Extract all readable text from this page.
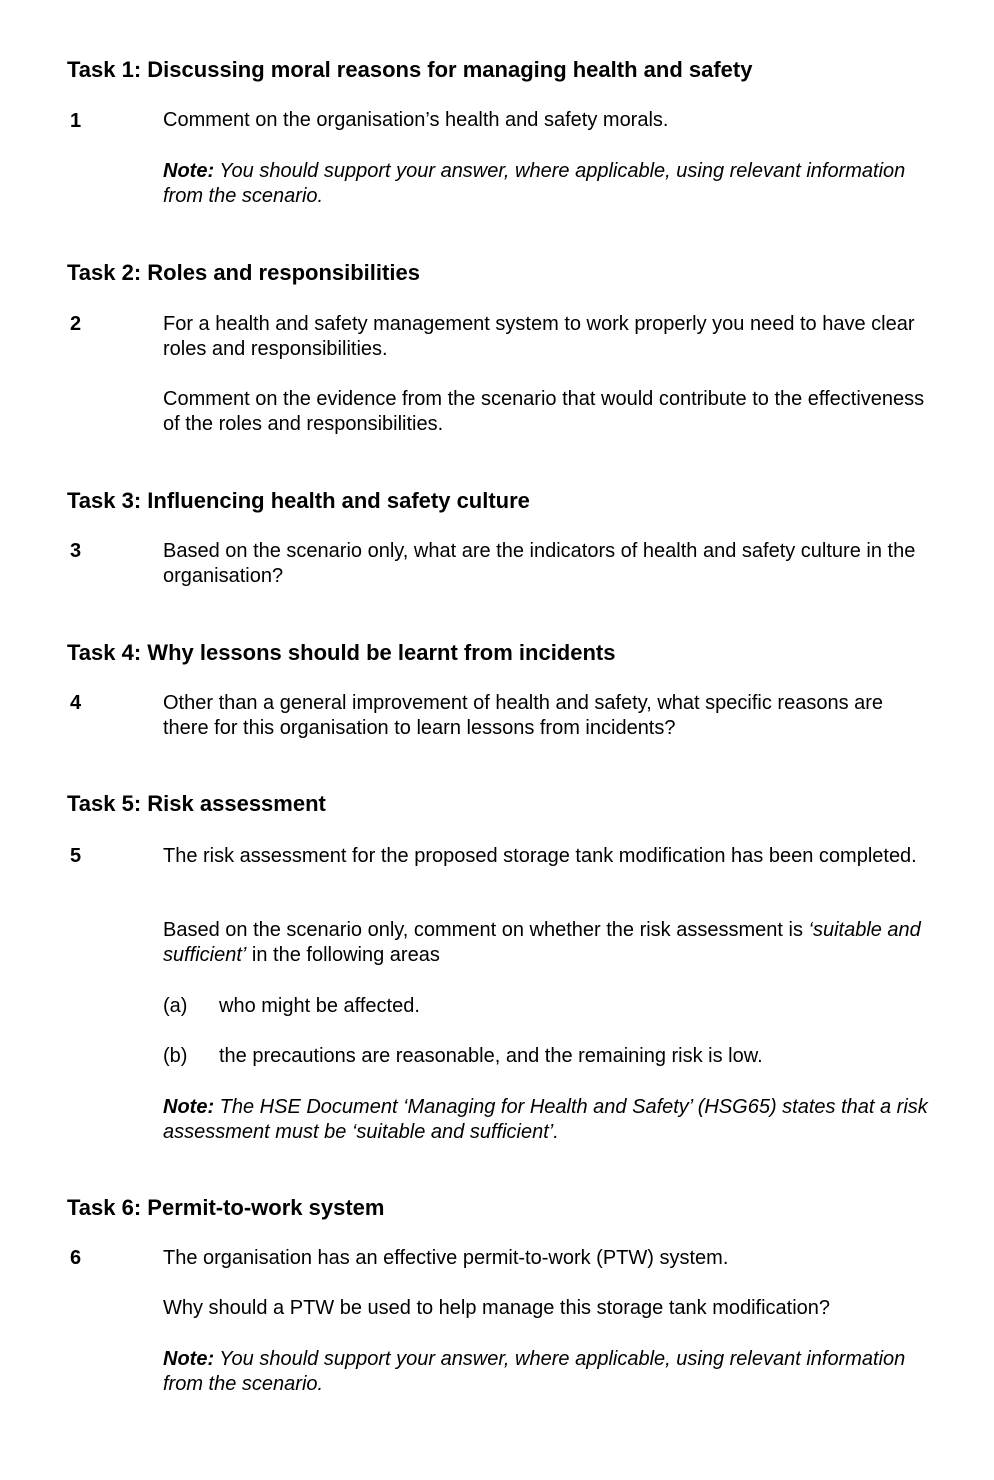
Task 1: Discussing moral reasons for managing health and safety
1	Comment on the organisation’s health and safety morals.

Note: You should support your answer, where applicable, using relevant information from the scenario.

Task 2: Roles and responsibilities
2	For a health and safety management system to work properly you need to have clear roles and responsibilities.

Comment on the evidence from the scenario that would contribute to the effectiveness of the roles and responsibilities.

Task 3: Influencing health and safety culture
3	Based on the scenario only, what are the indicators of health and safety culture in the organisation?

Task 4: Why lessons should be learnt from incidents
4	Other than a general improvement of health and safety, what specific reasons are there for this organisation to learn lessons from incidents?

Task 5: Risk assessment
5	The risk assessment for the proposed storage tank modification has been completed.

Based on the scenario only, comment on whether the risk assessment is ‘suitable and sufficient’ in the following areas

(a) who might be affected.

(b) the precautions are reasonable, and the remaining risk is low.

Note: The HSE Document ‘Managing for Health and Safety’ (HSG65) states that a risk assessment must be ‘suitable and sufficient’.

Task 6: Permit-to-work system
6	The organisation has an effective permit-to-work (PTW) system.

Why should a PTW be used to help manage this storage tank modification?

Note: You should support your answer, where applicable, using relevant information from the scenario.
